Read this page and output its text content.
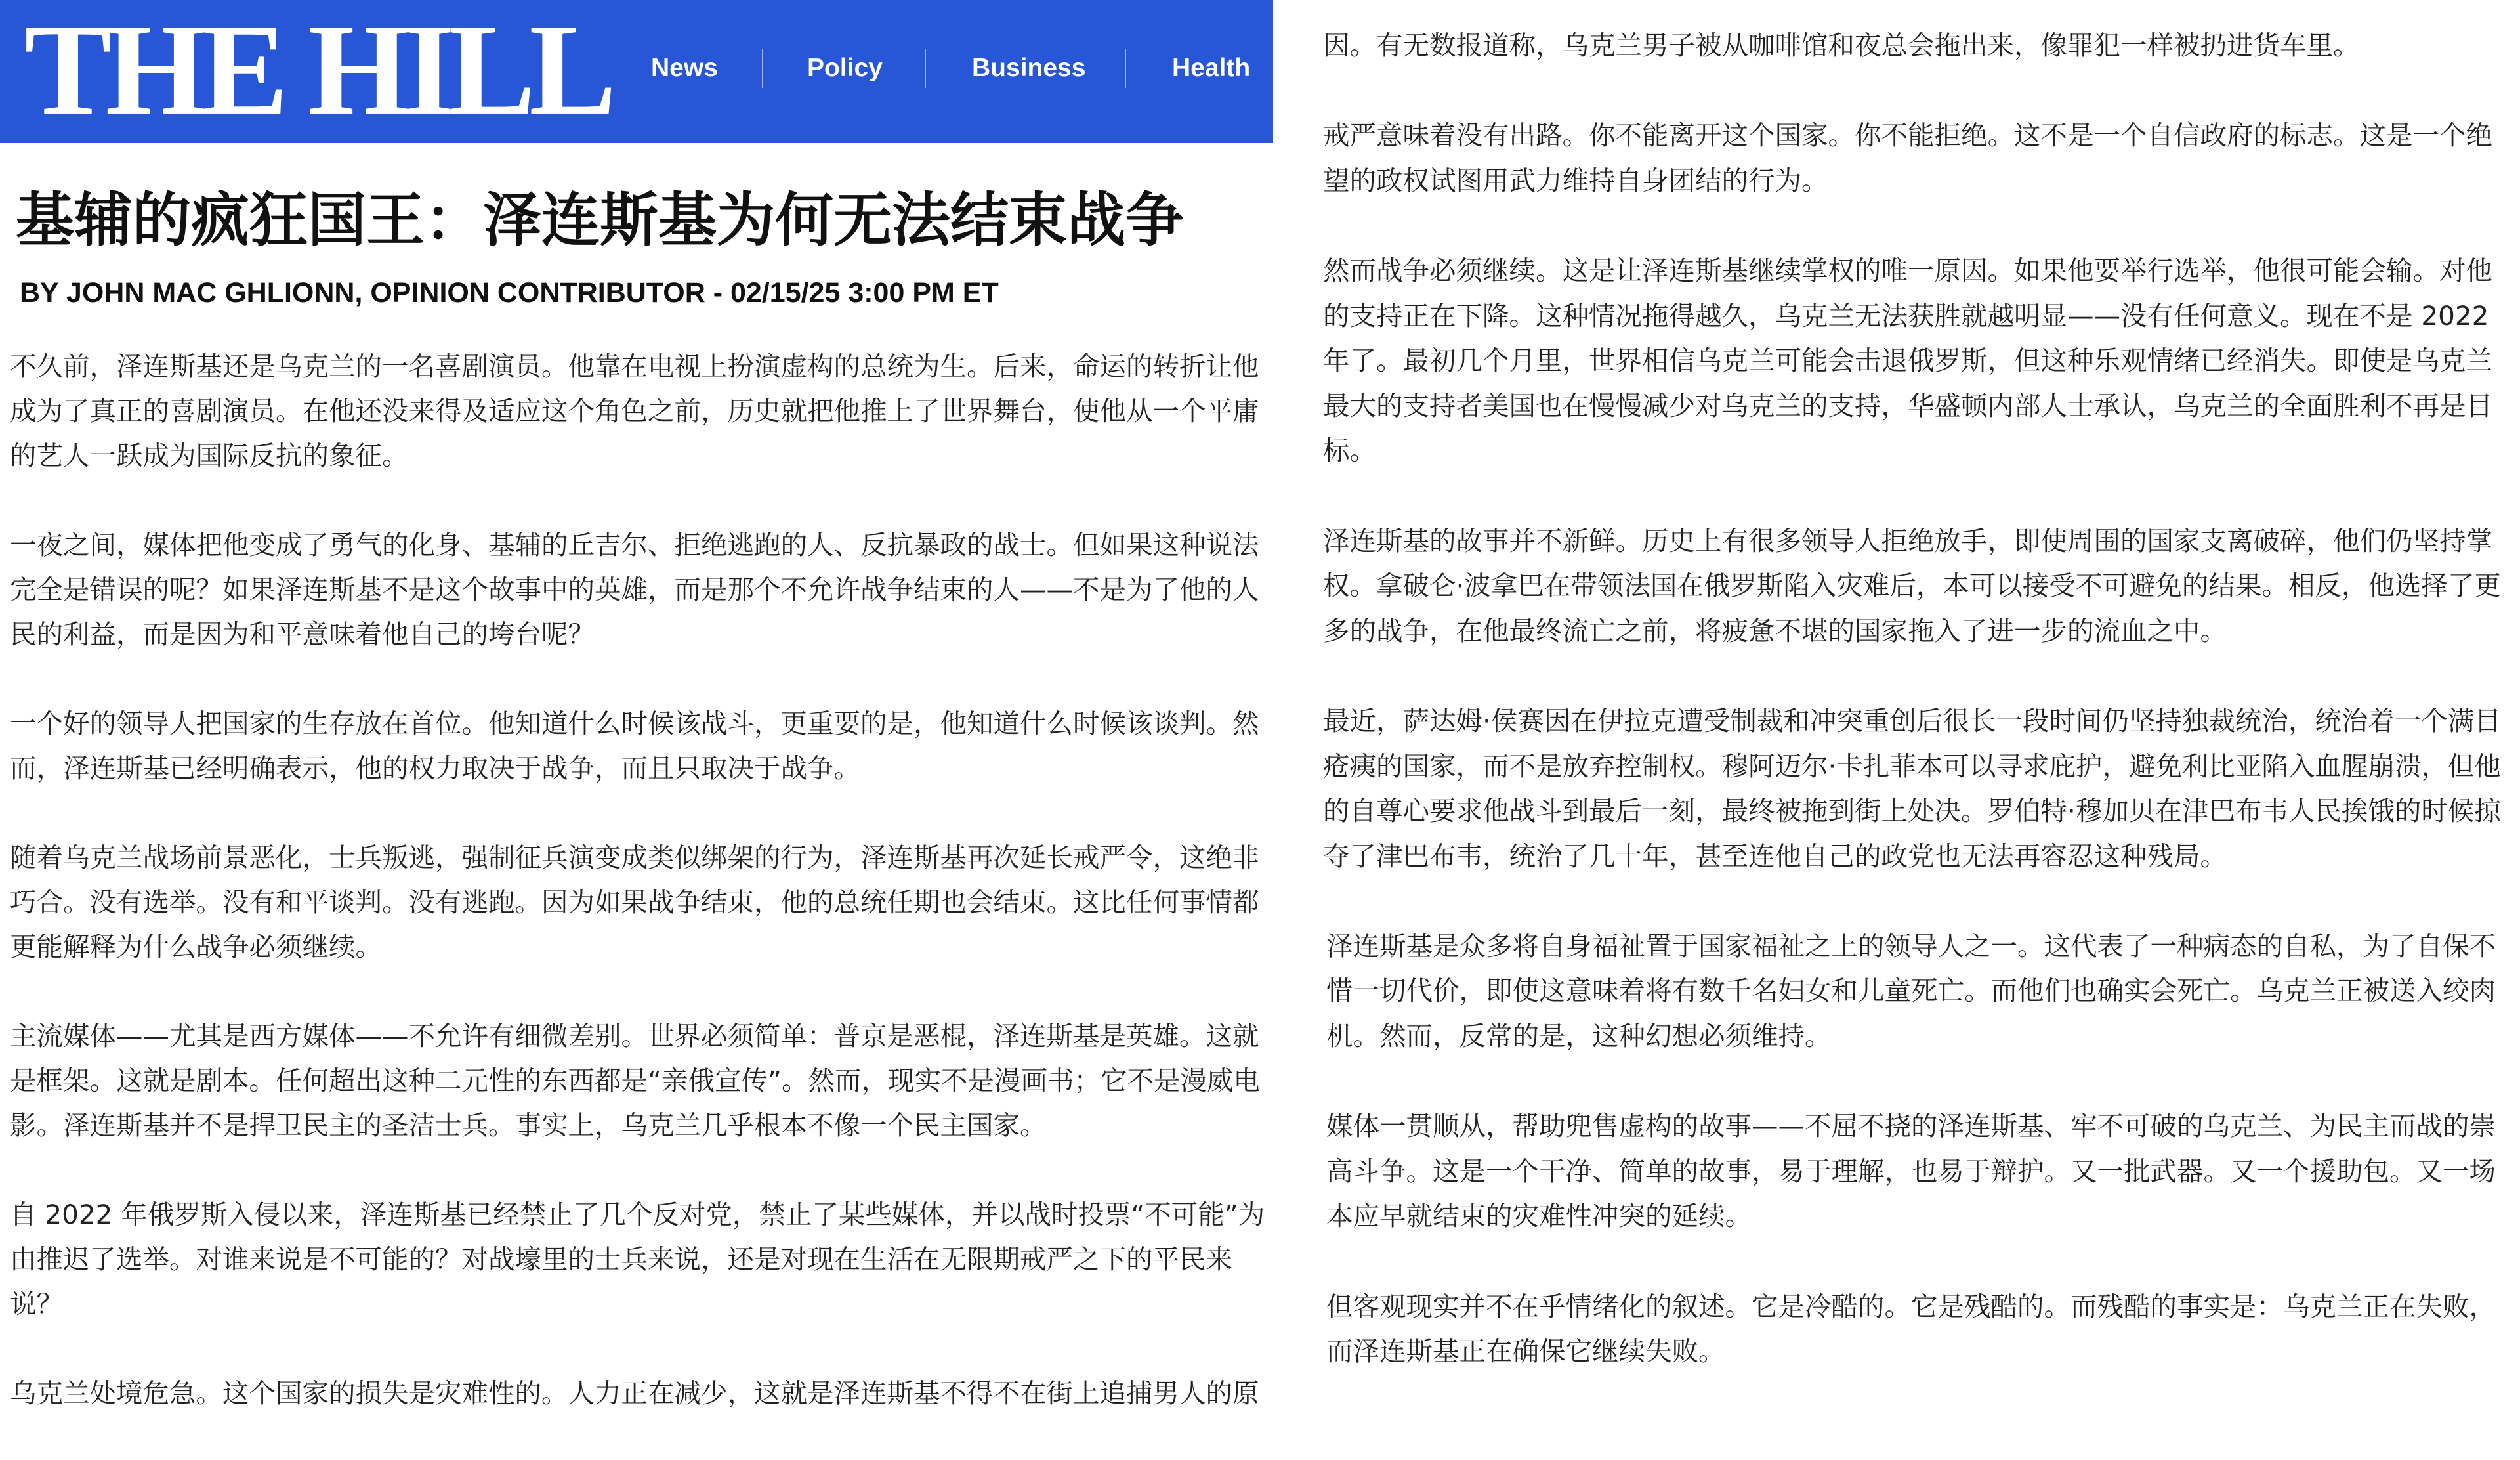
THE HILL News	Policy	Business	Health
基辅的疯狂国王：泽连斯基为何无法结束战争
BY JOHN MAC GHLIONN, OPINION CONTRIBUTOR - 02/15/25 3:00 PM ET

不久前，泽连斯基还是乌克兰的一名喜剧演员。他靠在电视上扮演虚构的总统为生。后来，命运的转折让他成为了真正的喜剧演员。在他还没来得及适应这个角色之前，历史就把他推上了世界舞台，使他从一个平庸的艺人一跃成为国际反抗的象征。

一夜之间，媒体把他变成了勇气的化身、基辅的丘吉尔、拒绝逃跑的人、反抗暴政的战士。但如果这种说法完全是错误的呢？如果泽连斯基不是这个故事中的英雄，而是那个不允许战争结束的人——不是为了他的人民的利益，而是因为和平意味着他自己的垮台呢？

一个好的领导人把国家的生存放在首位。他知道什么时候该战斗，更重要的是，他知道什么时候该谈判。然而，泽连斯基已经明确表示，他的权力取决于战争，而且只取决于战争。

随着乌克兰战场前景恶化，士兵叛逃，强制征兵演变成类似绑架的行为，泽连斯基再次延长戒严令，这绝非巧合。没有选举。没有和平谈判。没有逃跑。因为如果战争结束，他的总统任期也会结束。这比任何事情都更能解释为什么战争必须继续。

主流媒体——尤其是西方媒体——不允许有细微差别。世界必须简单：普京是恶棍，泽连斯基是英雄。这就是框架。这就是剧本。任何超出这种二元性的东西都是“亲俄宣传”。然而，现实不是漫画书；它不是漫威电影。泽连斯基并不是捍卫民主的圣洁士兵。事实上，乌克兰几乎根本不像一个民主国家。

自 2022 年俄罗斯入侵以来，泽连斯基已经禁止了几个反对党，禁止了某些媒体，并以战时投票“不可能”为由推迟了选举。对谁来说是不可能的？对战壕里的士兵来说，还是对现在生活在无限期戒严之下的平民来说？

乌克兰处境危急。这个国家的损失是灾难性的。人力正在减少，这就是泽连斯基不得不在街上追捕男人的原

因。有无数报道称，乌克兰男子被从咖啡馆和夜总会拖出来，像罪犯一样被扔进货车里。

戒严意味着没有出路。你不能离开这个国家。你不能拒绝。这不是一个自信政府的标志。这是一个绝望的政权试图用武力维持自身团结的行为。

然而战争必须继续。这是让泽连斯基继续掌权的唯一原因。如果他要举行选举，他很可能会输。对他的支持正在下降。这种情况拖得越久，乌克兰无法获胜就越明显——没有任何意义。现在不是 2022 年了。最初几个月里，世界相信乌克兰可能会击退俄罗斯，但这种乐观情绪已经消失。即使是乌克兰最大的支持者美国也在慢慢减少对乌克兰的支持，华盛顿内部人士承认，乌克兰的全面胜利不再是目标。

泽连斯基的故事并不新鲜。历史上有很多领导人拒绝放手，即使周围的国家支离破碎，他们仍坚持掌权。拿破仑·波拿巴在带领法国在俄罗斯陷入灾难后，本可以接受不可避免的结果。相反，他选择了更多的战争，在他最终流亡之前，将疲惫不堪的国家拖入了进一步的流血之中。

最近，萨达姆·侯赛因在伊拉克遭受制裁和冲突重创后很长一段时间仍坚持独裁统治，统治着一个满目疮痍的国家，而不是放弃控制权。穆阿迈尔·卡扎菲本可以寻求庇护，避免利比亚陷入血腥崩溃，但他的自尊心要求他战斗到最后一刻，最终被拖到街上处决。罗伯特·穆加贝在津巴布韦人民挨饿的时候掠夺了津巴布韦，统治了几十年，甚至连他自己的政党也无法再容忍这种残局。

泽连斯基是众多将自身福祉置于国家福祉之上的领导人之一。这代表了一种病态的自私，为了自保不惜一切代价，即使这意味着将有数千名妇女和儿童死亡。而他们也确实会死亡。乌克兰正被送入绞肉机。然而，反常的是，这种幻想必须维持。

媒体一贯顺从，帮助兜售虚构的故事——不屈不挠的泽连斯基、牢不可破的乌克兰、为民主而战的崇高斗争。这是一个干净、简单的故事，易于理解，也易于辩护。又一批武器。又一个援助包。又一场本应早就结束的灾难性冲突的延续。

但客观现实并不在乎情绪化的叙述。它是冷酷的。它是残酷的。而残酷的事实是：乌克兰正在失败，而泽连斯基正在确保它继续失败。
